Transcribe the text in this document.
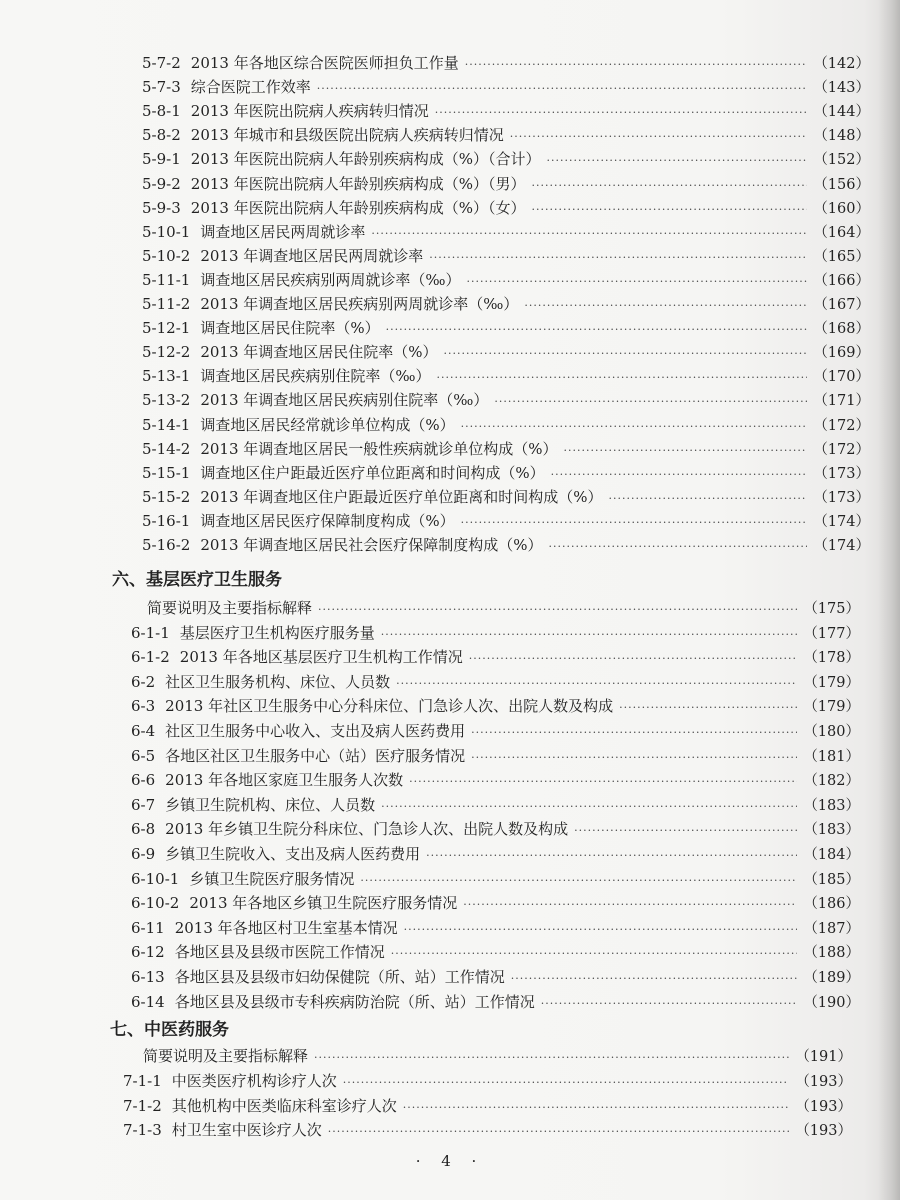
5-7-2 2013 年各地区综合医院医师担负工作量 ·····	（142）
5-7-3 综合医院工作效率 ·····	（143）
5-8-1 2013 年医院出院病人疾病转归情况 ·····	（144）
5-8-2 2013 年城市和县级医院出院病人疾病转归情况 ·····	（148）
5-9-1 2013 年医院出院病人年龄别疾病构成（%）（合计） ·····	（152）
5-9-2 2013 年医院出院病人年龄别疾病构成（%）（男） ·····	（156）
5-9-3 2013 年医院出院病人年龄别疾病构成（%）（女） ·····	（160）
5-10-1 调查地区居民两周就诊率 ·····	（164）
5-10-2 2013 年调查地区居民两周就诊率 ·····	（165）
5-11-1 调查地区居民疾病别两周就诊率（‰） ·····	（166）
5-11-2 2013 年调查地区居民疾病别两周就诊率（‰） ·····	（167）
5-12-1 调查地区居民住院率（%） ·····	（168）
5-12-2 2013 年调查地区居民住院率（%） ·····	（169）
5-13-1 调查地区居民疾病别住院率（‰） ·····	（170）
5-13-2 2013 年调查地区居民疾病别住院率（‰） ·····	（171）
5-14-1 调查地区居民经常就诊单位构成（%） ·····	（172）
5-14-2 2013 年调查地区居民一般性疾病就诊单位构成（%） ·····	（172）
5-15-1 调查地区住户距最近医疗单位距离和时间构成（%） ·····	（173）
5-15-2 2013 年调查地区住户距最近医疗单位距离和时间构成（%） ·····	（173）
5-16-1 调查地区居民医疗保障制度构成（%） ·····	（174）
5-16-2 2013 年调查地区居民社会医疗保障制度构成（%） ·····	（174）
六、基层医疗卫生服务
简要说明及主要指标解释 ·····	（175）
6-1-1 基层医疗卫生机构医疗服务量 ·····	（177）
6-1-2 2013 年各地区基层医疗卫生机构工作情况 ·····	（178）
6-2 社区卫生服务机构、床位、人员数 ·····	（179）
6-3 2013 年社区卫生服务中心分科床位、门急诊人次、出院人数及构成 ·····	（179）
6-4 社区卫生服务中心收入、支出及病人医药费用 ·····	（180）
6-5 各地区社区卫生服务中心（站）医疗服务情况 ·····	（181）
6-6 2013 年各地区家庭卫生服务人次数 ·····	（182）
6-7 乡镇卫生院机构、床位、人员数 ·····	（183）
6-8 2013 年乡镇卫生院分科床位、门急诊人次、出院人数及构成 ·····	（183）
6-9 乡镇卫生院收入、支出及病人医药费用 ·····	（184）
6-10-1 乡镇卫生院医疗服务情况 ·····	（185）
6-10-2 2013 年各地区乡镇卫生院医疗服务情况 ·····	（186）
6-11 2013 年各地区村卫生室基本情况 ·····	（187）
6-12 各地区县及县级市医院工作情况 ·····	（188）
6-13 各地区县及县级市妇幼保健院（所、站）工作情况 ·····	（189）
6-14 各地区县及县级市专科疾病防治院（所、站）工作情况 ·····	（190）
七、中医药服务
简要说明及主要指标解释 ·····	（191）
7-1-1 中医类医疗机构诊疗人次 ·····	（193）
7-1-2 其他机构中医类临床科室诊疗人次 ·····	（193）
7-1-3 村卫生室中医诊疗人次 ·····	（193）
· 4 ·
